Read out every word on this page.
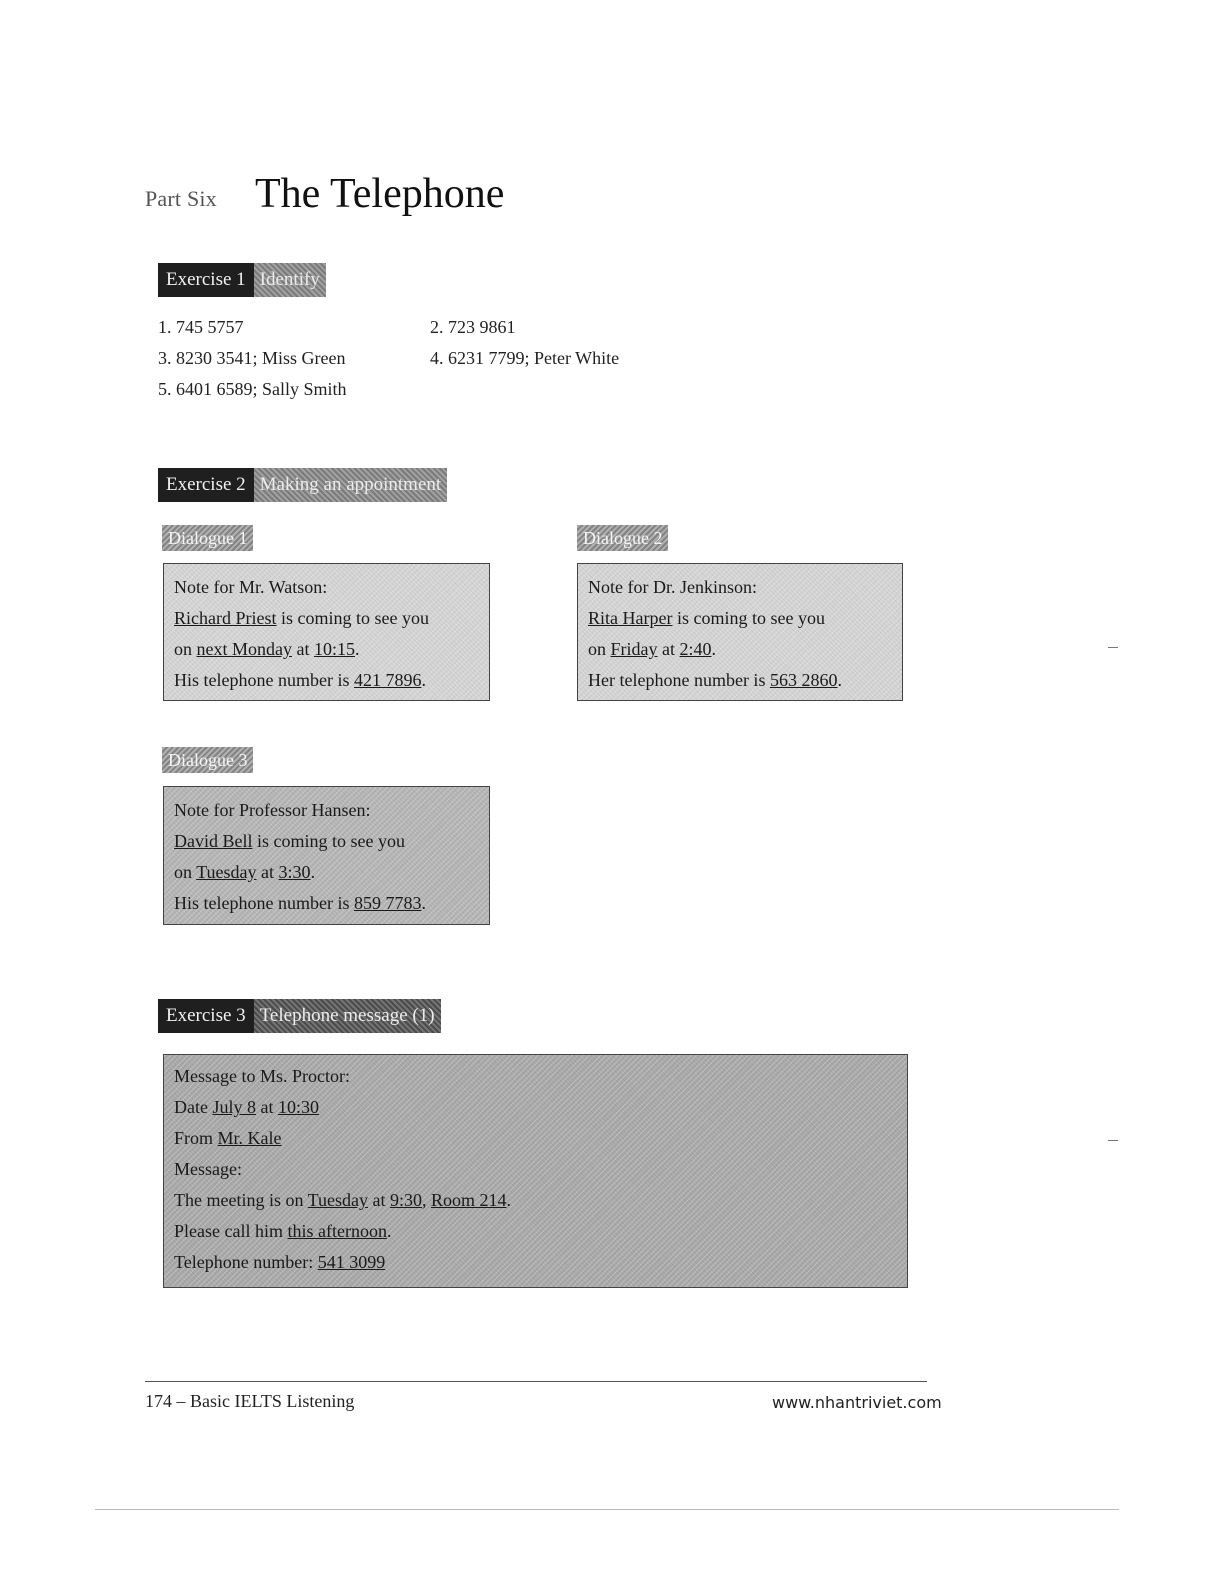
Part Six The Telephone
Exercise 1 Identify
1. 745 5757	2. 723 9861
3. 8230 3541; Miss Green	4. 6231 7799; Peter White
5. 6401 6589; Sally Smith
Exercise 2 Making an appointment
Dialogue 1
Note for Mr. Watson:
Richard Priest is coming to see you
on next Monday at 10:15.
His telephone number is 421 7896.
Dialogue 2
Note for Dr. Jenkinson:
Rita Harper is coming to see you
on Friday at 2:40.
Her telephone number is 563 2860.
Dialogue 3
Note for Professor Hansen:
David Bell is coming to see you
on Tuesday at 3:30.
His telephone number is 859 7783.
Exercise 3 Telephone message (1)
Message to Ms. Proctor:
Date July 8 at 10:30
From Mr. Kale
Message:
The meeting is on Tuesday at 9:30, Room 214.
Please call him this afternoon.
Telephone number: 541 3099
174 – Basic IELTS Listening	www.nhantriviet.com
